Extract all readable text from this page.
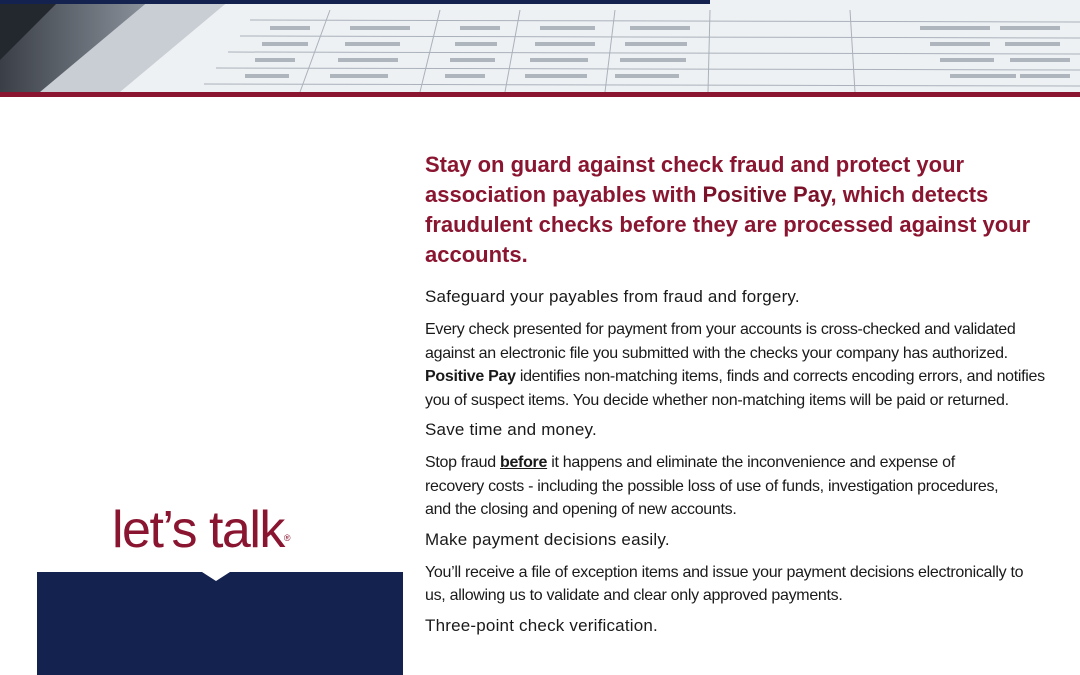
let’s talk®

Stay on guard against check fraud and protect your association payables with Positive Pay, which detects fraudulent checks before they are processed against your accounts.

Safeguard your payables from fraud and forgery.

Every check presented for payment from your accounts is cross-checked and validated against an electronic file you submitted with the checks your company has authorized. Positive Pay identifies non-matching items, finds and corrects encoding errors, and notifies you of suspect items. You decide whether non-matching items will be paid or returned.

Save time and money.

Stop fraud before it happens and eliminate the inconvenience and expense of recovery costs - including the possible loss of use of funds, investigation procedures, and the closing and opening of new accounts.

Make payment decisions easily.

You’ll receive a file of exception items and issue your payment decisions electronically to us, allowing us to validate and clear only approved payments.

Three-point check verification.
